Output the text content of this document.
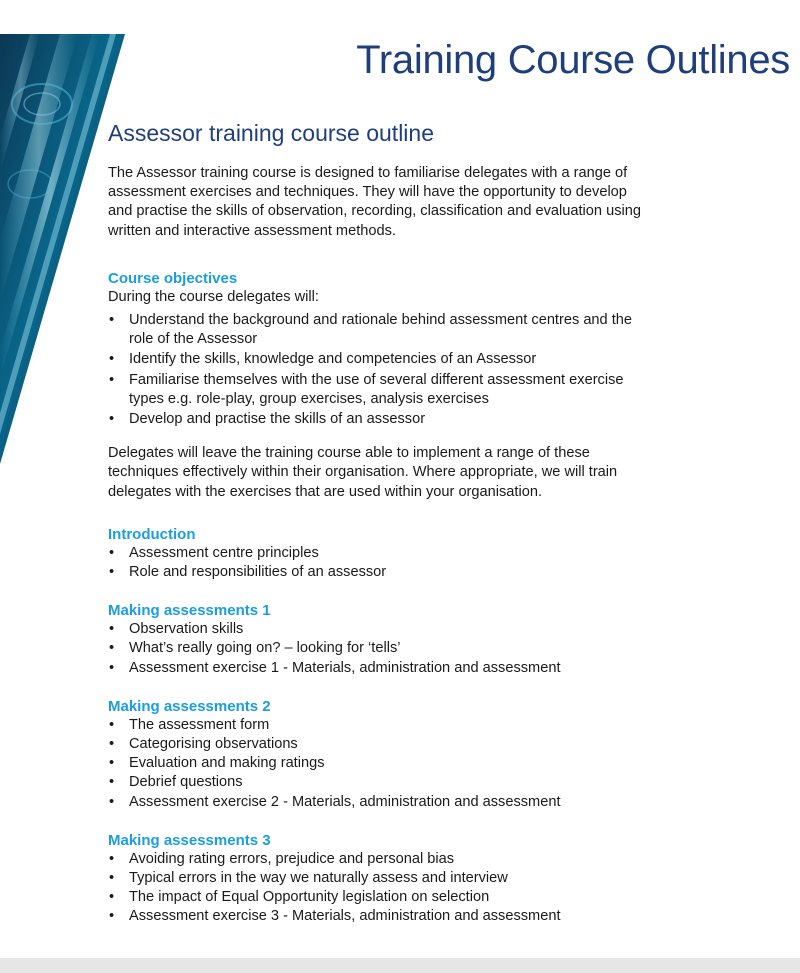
Training Course Outlines
Assessor training course outline

The Assessor training course is designed to familiarise delegates with a range of
assessment exercises and techniques. They will have the opportunity to develop
and practise the skills of observation, recording, classification and evaluation using
written and interactive assessment methods.

Course objectives

During the course delegates will:

• Understand the background and rationale behind assessment centres and the
role of the Assessor
• Identify the skills, knowledge and competencies of an Assessor
• Familiarise themselves with the use of several different assessment exercise
types e.g. role-play, group exercises, analysis exercises
• Develop and practise the skills of an assessor

Delegates will leave the training course able to implement a range of these
techniques effectively within their organisation. Where appropriate, we will train
delegates with the exercises that are used within your organisation.

Introduction
• Assessment centre principles
• Role and responsibilities of an assessor
Making assessments 1
• Observation skills
• What’s really going on? – looking for ‘tells’
• Assessment exercise 1 - Materials, administration and assessment
Making assessments 2
• The assessment form
• Categorising observations
• Evaluation and making ratings
• Debrief questions
• Assessment exercise 2 - Materials, administration and assessment
Making assessments 3
• Avoiding rating errors, prejudice and personal bias
• Typical errors in the way we naturally assess and interview
• The impact of Equal Opportunity legislation on selection
• Assessment exercise 3 - Materials, administration and assessment
